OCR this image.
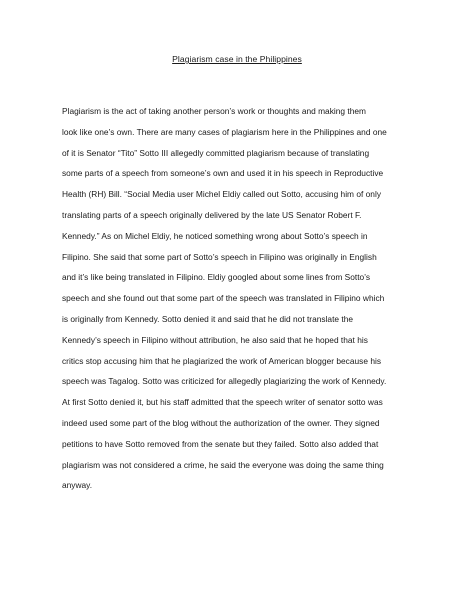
Plagiarism case in the Philippines

Plagiarism is the act of taking another person’s work or thoughts and making them
look like one’s own. There are many cases of plagiarism here in the Philippines and one
of it is Senator “Tito” Sotto III allegedly committed plagiarism because of translating
some parts of a speech from someone’s own and used it in his speech in Reproductive
Health (RH) Bill. “Social Media user Michel Eldiy called out Sotto, accusing him of only
translating parts of a speech originally delivered by the late US Senator Robert F.
Kennedy.” As on Michel Eldiy, he noticed something wrong about Sotto’s speech in
Filipino. She said that some part of Sotto’s speech in Filipino was originally in English
and it’s like being translated in Filipino. Eldiy googled about some lines from Sotto’s
speech and she found out that some part of the speech was translated in Filipino which
is originally from Kennedy. Sotto denied it and said that he did not translate the
Kennedy’s speech in Filipino without attribution, he also said that he hoped that his
critics stop accusing him that he plagiarized the work of American blogger because his
speech was Tagalog. Sotto was criticized for allegedly plagiarizing the work of Kennedy.
At first Sotto denied it, but his staff admitted that the speech writer of senator sotto was
indeed used some part of the blog without the authorization of the owner. They signed
petitions to have Sotto removed from the senate but they failed. Sotto also added that
plagiarism was not considered a crime, he said the everyone was doing the same thing
anyway.
